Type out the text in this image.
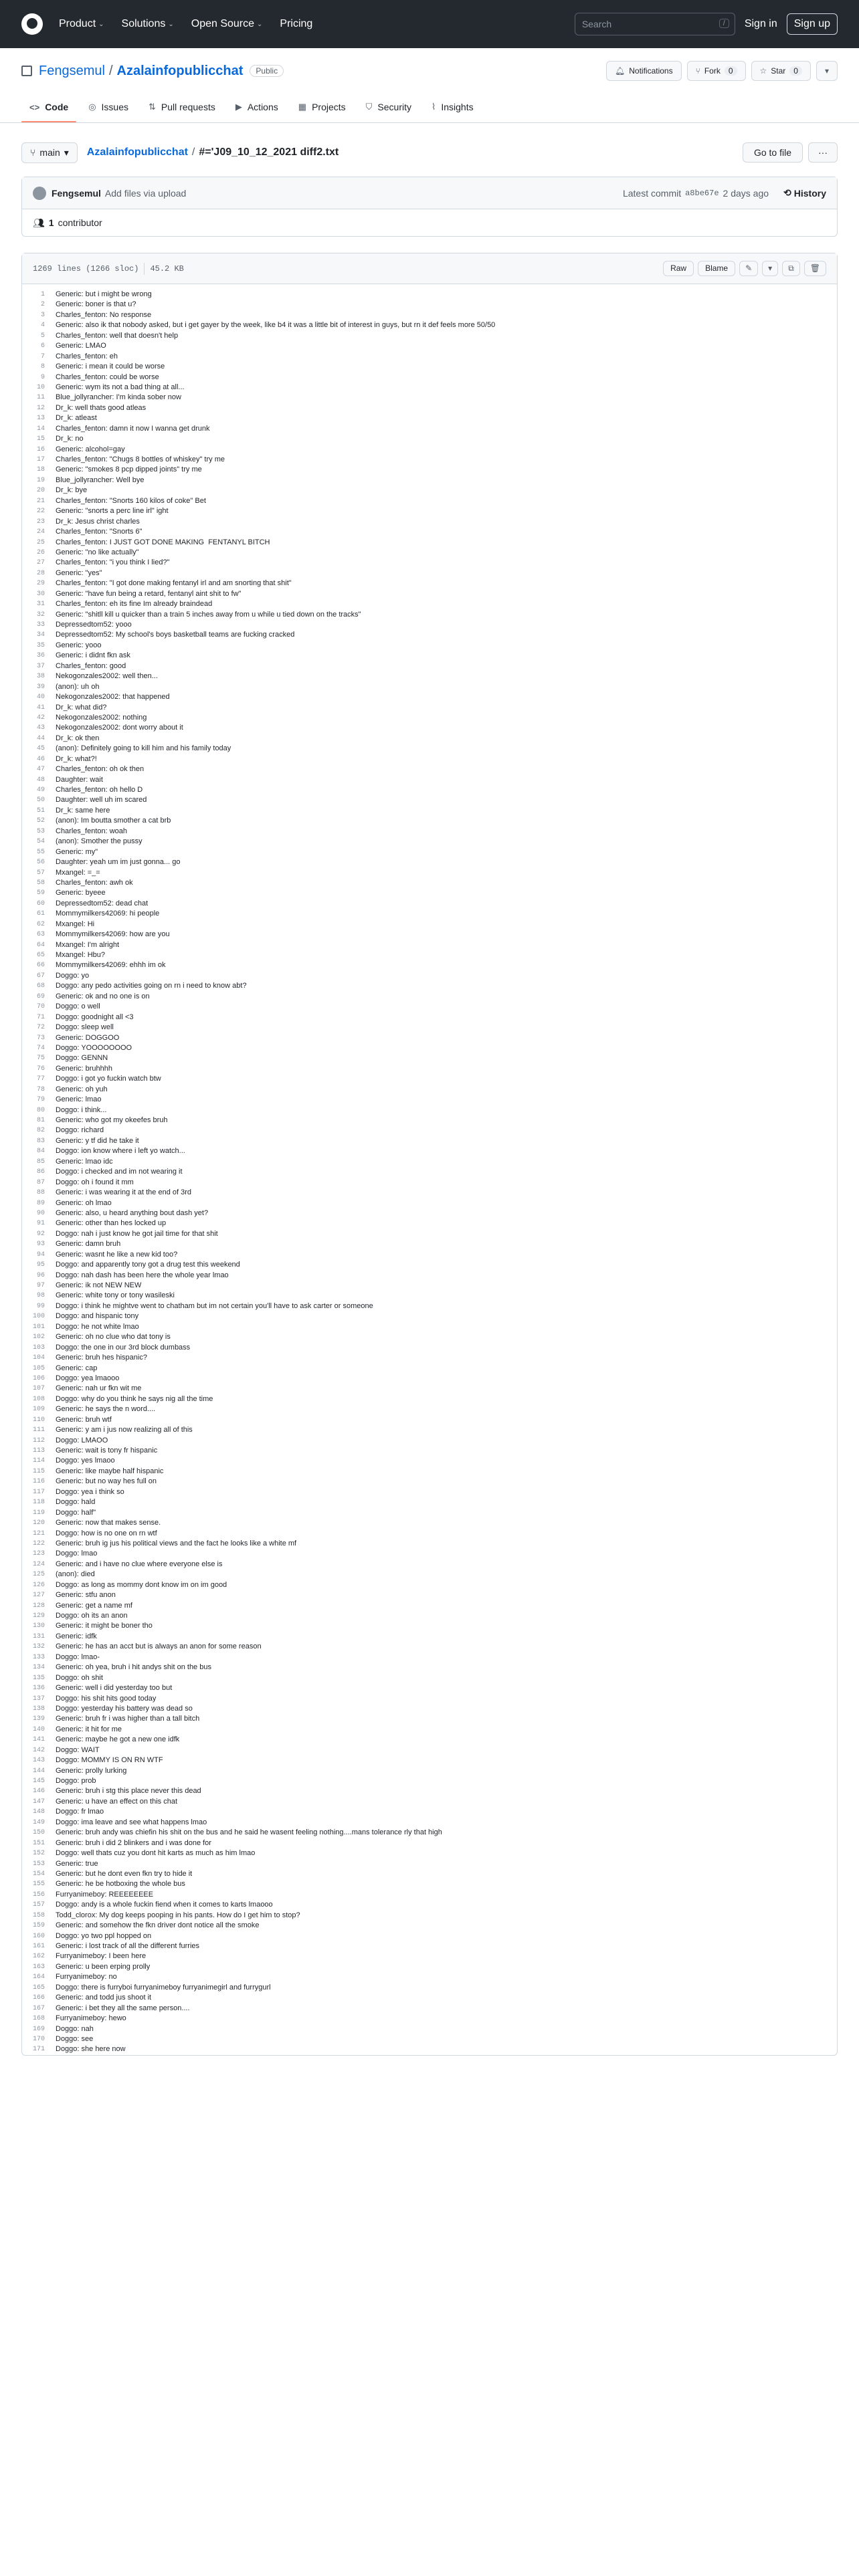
Product ⌄ Solutions ⌄ Open Source ⌄ Pricing	Search	/	Sign in	Sign up
Fengsemul / Azalainfopublicchat	Public	🔔︎ Notifications	⑂ Fork	0	☆ Star	0	▾
<> Code ◎ Issues ⇅ Pull requests ▶ Actions ▦ Projects ⛉ Security ⌇ Insights
⑂ main ▾ Azalainfopublicchat / #='J09_10_12_2021 diff2.txt	Go to file	···
Fengsemul Add files via upload	Latest commit a8be67e 2 days ago ⟲ History
👥︎ 1 contributor
1269 lines (1266 sloc) 45.2 KB	Raw	Blame	✎	▾	⧉	🗑︎
1	Generic: but i might be wrong
2	Generic: boner is that u?
3	Charles_fenton: No response
4	Generic: also ik that nobody asked, but i get gayer by the week, like b4 it was a little bit of interest in guys, but rn it def feels more 50/50
5	Charles_fenton: well that doesn't help
6	Generic: LMAO
7	Charles_fenton: eh
8	Generic: i mean it could be worse
9	Charles_fenton: could be worse
10	Generic: wym its not a bad thing at all...
11	Blue_jollyrancher: I'm kinda sober now
12	Dr_k: well thats good atleas
13	Dr_k: atleast
14	Charles_fenton: damn it now I wanna get drunk
15	Dr_k: no
16	Generic: alcohol=gay
17	Charles_fenton: "Chugs 8 bottles of whiskey" try me
18	Generic: "smokes 8 pcp dipped joints" try me
19	Blue_jollyrancher: Well bye
20	Dr_k: bye
21	Charles_fenton: "Snorts 160 kilos of coke" Bet
22	Generic: "snorts a perc line irl" ight
23	Dr_k: Jesus christ charles
24	Charles_fenton: "Snorts 6"
25	Charles_fenton: I JUST GOT DONE MAKING  FENTANYL BITCH
26	Generic: "no like actually"
27	Charles_fenton: "i you think I lied?"
28	Generic: "yes"
29	Charles_fenton: "I got done making fentanyl irl and am snorting that shit"
30	Generic: "have fun being a retard, fentanyl aint shit to fw"
31	Charles_fenton: eh its fine Im already braindead
32	Generic: "shitll kill u quicker than a train 5 inches away from u while u tied down on the tracks"
33	Depressedtom52: yooo
34	Depressedtom52: My school's boys basketball teams are fucking cracked
35	Generic: yooo
36	Generic: i didnt fkn ask
37	Charles_fenton: good
38	Nekogonzales2002: well then...
39	(anon): uh oh
40	Nekogonzales2002: that happened
41	Dr_k: what did?
42	Nekogonzales2002: nothing
43	Nekogonzales2002: dont worry about it
44	Dr_k: ok then
45	(anon): Definitely going to kill him and his family today
46	Dr_k: what?!
47	Charles_fenton: oh ok then
48	Daughter: wait
49	Charles_fenton: oh hello D
50	Daughter: well uh im scared
51	Dr_k: same here
52	(anon): Im boutta smother a cat brb
53	Charles_fenton: woah
54	(anon): Smother the pussy
55	Generic: my"
56	Daughter: yeah um im just gonna... go
57	Mxangel: =_=
58	Charles_fenton: awh ok
59	Generic: byeee
60	Depressedtom52: dead chat
61	Mommymilkers42069: hi people
62	Mxangel: Hi
63	Mommymilkers42069: how are you
64	Mxangel: I'm alright
65	Mxangel: Hbu?
66	Mommymilkers42069: ehhh im ok
67	Doggo: yo
68	Doggo: any pedo activities going on rn i need to know abt?
69	Generic: ok and no one is on
70	Doggo: o well
71	Doggo: goodnight all <3
72	Doggo: sleep well
73	Generic: DOGGOO
74	Doggo: YOOOOOOOO
75	Doggo: GENNN
76	Generic: bruhhhh
77	Doggo: i got yo fuckin watch btw
78	Generic: oh yuh
79	Generic: lmao
80	Doggo: i think...
81	Generic: who got my okeefes bruh
82	Doggo: richard
83	Generic: y tf did he take it
84	Doggo: ion know where i left yo watch...
85	Generic: lmao idc
86	Doggo: i checked and im not wearing it
87	Doggo: oh i found it mm
88	Generic: i was wearing it at the end of 3rd
89	Generic: oh lmao
90	Generic: also, u heard anything bout dash yet?
91	Generic: other than hes locked up
92	Doggo: nah i just know he got jail time for that shit
93	Generic: damn bruh
94	Generic: wasnt he like a new kid too?
95	Doggo: and apparently tony got a drug test this weekend
96	Doggo: nah dash has been here the whole year lmao
97	Generic: ik not NEW NEW
98	Generic: white tony or tony wasileski
99	Doggo: i think he mightve went to chatham but im not certain you'll have to ask carter or someone
100	Doggo: and hispanic tony
101	Doggo: he not white lmao
102	Generic: oh no clue who dat tony is
103	Doggo: the one in our 3rd block dumbass
104	Generic: bruh hes hispanic?
105	Generic: cap
106	Doggo: yea lmaooo
107	Generic: nah ur fkn wit me
108	Doggo: why do you think he says nig all the time
109	Generic: he says the n word....
110	Generic: bruh wtf
111	Generic: y am i jus now realizing all of this
112	Doggo: LMAOO
113	Generic: wait is tony fr hispanic
114	Doggo: yes lmaoo
115	Generic: like maybe half hispanic
116	Generic: but no way hes full on
117	Doggo: yea i think so
118	Doggo: hald
119	Doggo: half"
120	Generic: now that makes sense.
121	Doggo: how is no one on rn wtf
122	Generic: bruh ig jus his political views and the fact he looks like a white mf
123	Doggo: lmao
124	Generic: and i have no clue where everyone else is
125	(anon): died
126	Doggo: as long as mommy dont know im on im good
127	Generic: stfu anon
128	Generic: get a name mf
129	Doggo: oh its an anon
130	Generic: it might be boner tho
131	Generic: idfk
132	Generic: he has an acct but is always an anon for some reason
133	Doggo: lmao-
134	Generic: oh yea, bruh i hit andys shit on the bus
135	Doggo: oh shit
136	Generic: well i did yesterday too but
137	Doggo: his shit hits good today
138	Doggo: yesterday his battery was dead so
139	Generic: bruh fr i was higher than a tall bitch
140	Generic: it hit for me
141	Generic: maybe he got a new one idfk
142	Doggo: WAIT
143	Doggo: MOMMY IS ON RN WTF
144	Generic: prolly lurking
145	Doggo: prob
146	Generic: bruh i stg this place never this dead
147	Generic: u have an effect on this chat
148	Doggo: fr lmao
149	Doggo: ima leave and see what happens lmao
150	Generic: bruh andy was chiefin his shit on the bus and he said he wasent feeling nothing....mans tolerance rly that high
151	Generic: bruh i did 2 blinkers and i was done for
152	Doggo: well thats cuz you dont hit karts as much as him lmao
153	Generic: true
154	Generic: but he dont even fkn try to hide it
155	Generic: he be hotboxing the whole bus
156	Furryanimeboy: REEEEEEEE
157	Doggo: andy is a whole fuckin fiend when it comes to karts lmaooo
158	Todd_clorox: My dog keeps pooping in his pants. How do I get him to stop?
159	Generic: and somehow the fkn driver dont notice all the smoke
160	Doggo: yo two ppl hopped on
161	Generic: i lost track of all the different furries
162	Furryanimeboy: I been here
163	Generic: u been erping prolly
164	Furryanimeboy: no
165	Doggo: there is furryboi furryanimeboy furryanimegirl and furrygurl
166	Generic: and todd jus shoot it
167	Generic: i bet they all the same person....
168	Furryanimeboy: hewo
169	Doggo: nah
170	Doggo: see
171	Doggo: she here now
